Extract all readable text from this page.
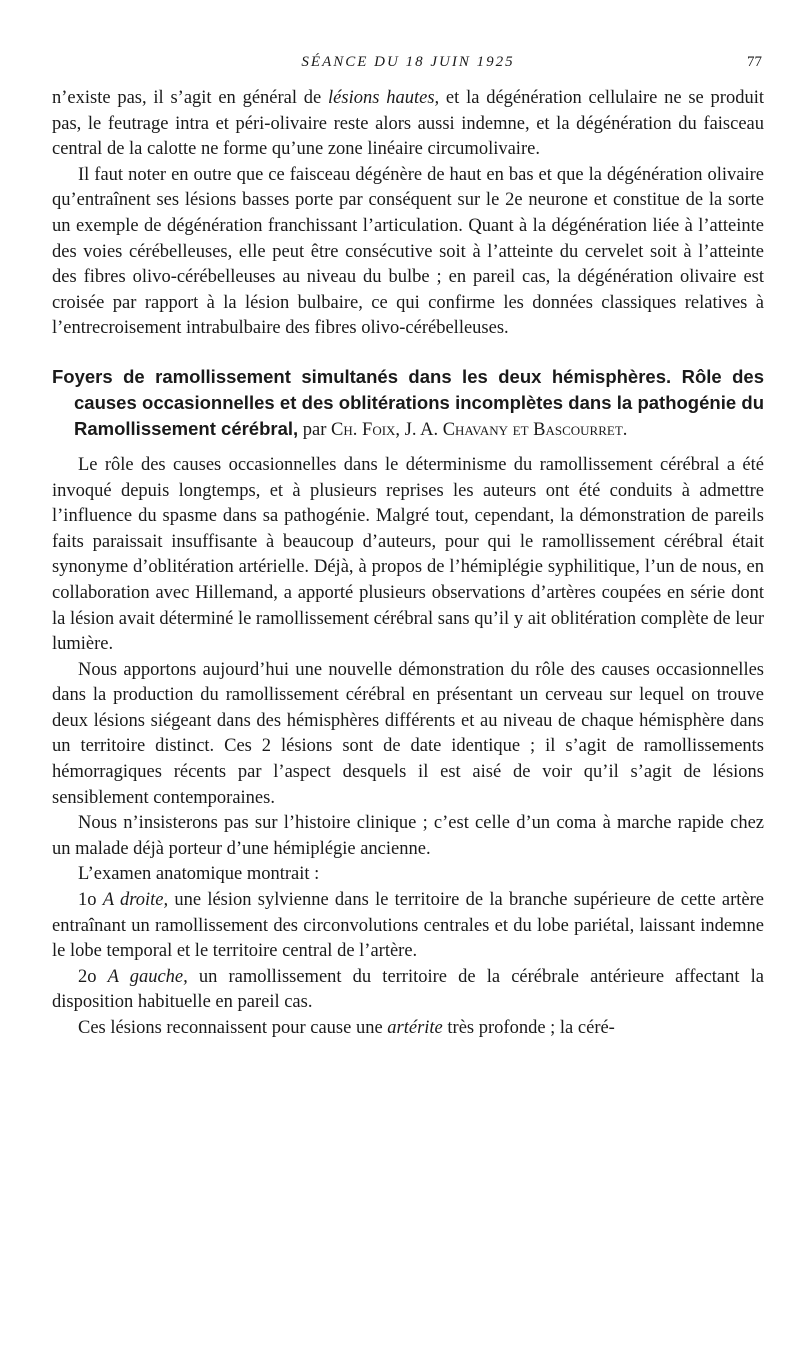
SÉANCE DU 18 JUIN 1925	77

n’existe pas, il s’agit en général de lésions hautes, et la dégénération cellulaire ne se produit pas, le feutrage intra et péri-olivaire reste alors aussi indemne, et la dégénération du faisceau central de la calotte ne forme qu’une zone linéaire circumolivaire.

Il faut noter en outre que ce faisceau dégénère de haut en bas et que la dégénération olivaire qu’entraînent ses lésions basses porte par conséquent sur le 2e neurone et constitue de la sorte un exemple de dégénération franchissant l’articulation. Quant à la dégénération liée à l’atteinte des voies cérébelleuses, elle peut être consécutive soit à l’atteinte du cervelet soit à l’atteinte des fibres olivo-cérébelleuses au niveau du bulbe ; en pareil cas, la dégénération olivaire est croisée par rapport à la lésion bulbaire, ce qui confirme les données classiques relatives à l’entrecroisement intrabulbaire des fibres olivo-cérébelleuses.

Foyers de ramollissement simultanés dans les deux hémisphères. Rôle des causes occasionnelles et des oblitérations incomplètes dans la pathogénie du Ramollissement cérébral, par Ch. Foix, J. A. Chavany et Bascourret.

Le rôle des causes occasionnelles dans le déterminisme du ramollissement cérébral a été invoqué depuis longtemps, et à plusieurs reprises les auteurs ont été conduits à admettre l’influence du spasme dans sa pathogénie. Malgré tout, cependant, la démonstration de pareils faits paraissait insuffisante à beaucoup d’auteurs, pour qui le ramollissement cérébral était synonyme d’oblitération artérielle. Déjà, à propos de l’hémiplégie syphilitique, l’un de nous, en collaboration avec Hillemand, a apporté plusieurs observations d’artères coupées en série dont la lésion avait déterminé le ramollissement cérébral sans qu’il y ait oblitération complète de leur lumière.

Nous apportons aujourd’hui une nouvelle démonstration du rôle des causes occasionnelles dans la production du ramollissement cérébral en présentant un cerveau sur lequel on trouve deux lésions siégeant dans des hémisphères différents et au niveau de chaque hémisphère dans un territoire distinct. Ces 2 lésions sont de date identique ; il s’agit de ramollissements hémorragiques récents par l’aspect desquels il est aisé de voir qu’il s’agit de lésions sensiblement contemporaines.

Nous n’insisterons pas sur l’histoire clinique ; c’est celle d’un coma à marche rapide chez un malade déjà porteur d’une hémiplégie ancienne.

L’examen anatomique montrait :

1o A droite, une lésion sylvienne dans le territoire de la branche supérieure de cette artère entraînant un ramollissement des circonvolutions centrales et du lobe pariétal, laissant indemne le lobe temporal et le territoire central de l’artère.

2o A gauche, un ramollissement du territoire de la cérébrale antérieure affectant la disposition habituelle en pareil cas.

Ces lésions reconnaissent pour cause une artérite très profonde ; la céré-
